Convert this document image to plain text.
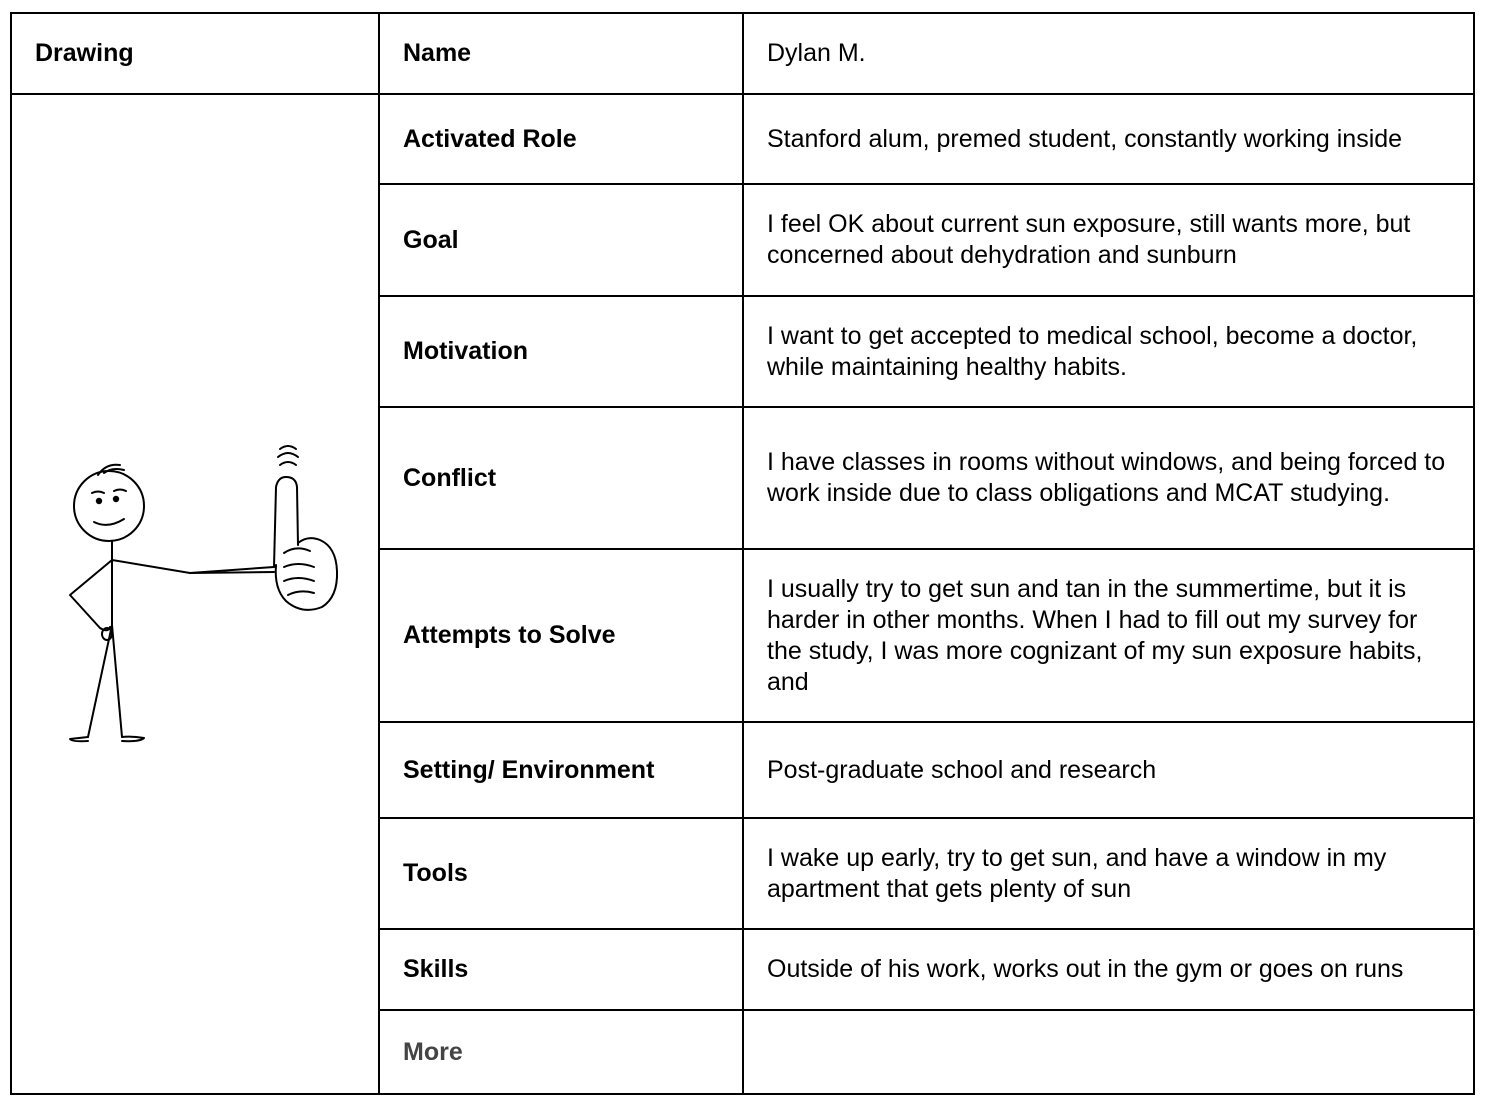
Drawing	Name	Dylan M.

	Activated Role	Stanford alum, premed student, constantly working inside
	Goal	I feel OK about current sun exposure, still wants more, but concerned about dehydration and sunburn
	Motivation	I want to get accepted to medical school, become a doctor, while maintaining healthy habits.
	Conflict	I have classes in rooms without windows, and being forced to work inside due to class obligations and MCAT studying.
	Attempts to Solve	I usually try to get sun and tan in the summertime, but it is harder in other months. When I had to fill out my survey for the study, I was more cognizant of my sun exposure habits, and
	Setting/ Environment	Post-graduate school and research
	Tools	I wake up early, try to get sun, and have a window in my apartment that gets plenty of sun
	Skills	Outside of his work, works out in the gym or goes on runs
	More	
